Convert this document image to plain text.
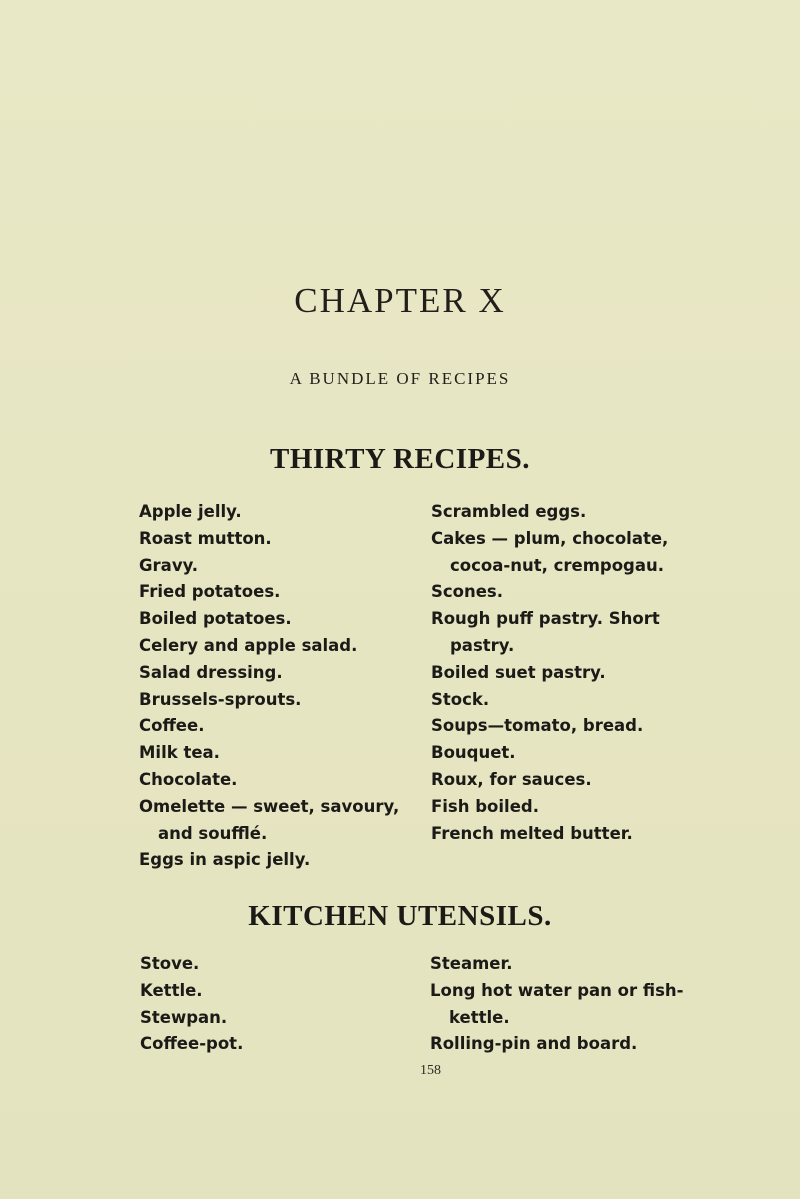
CHAPTER X
A BUNDLE OF RECIPES
THIRTY RECIPES.
Apple jelly.
Roast mutton.
Gravy.
Fried potatoes.
Boiled potatoes.
Celery and apple salad.
Salad dressing.
Brussels-sprouts.
Coffee.
Milk tea.
Chocolate.
Omelette — sweet, savoury,
and soufflé.
Eggs in aspic jelly.
Scrambled eggs.
Cakes — plum, chocolate,
cocoa-nut, crempogau.
Scones.
Rough puff pastry. Short
pastry.
Boiled suet pastry.
Stock.
Soups—tomato, bread.
Bouquet.
Roux, for sauces.
Fish boiled.
French melted butter.
KITCHEN UTENSILS.
Stove.
Kettle.
Stewpan.
Coffee-pot.
Steamer.
Long hot water pan or fish-
kettle.
Rolling-pin and board.
158
